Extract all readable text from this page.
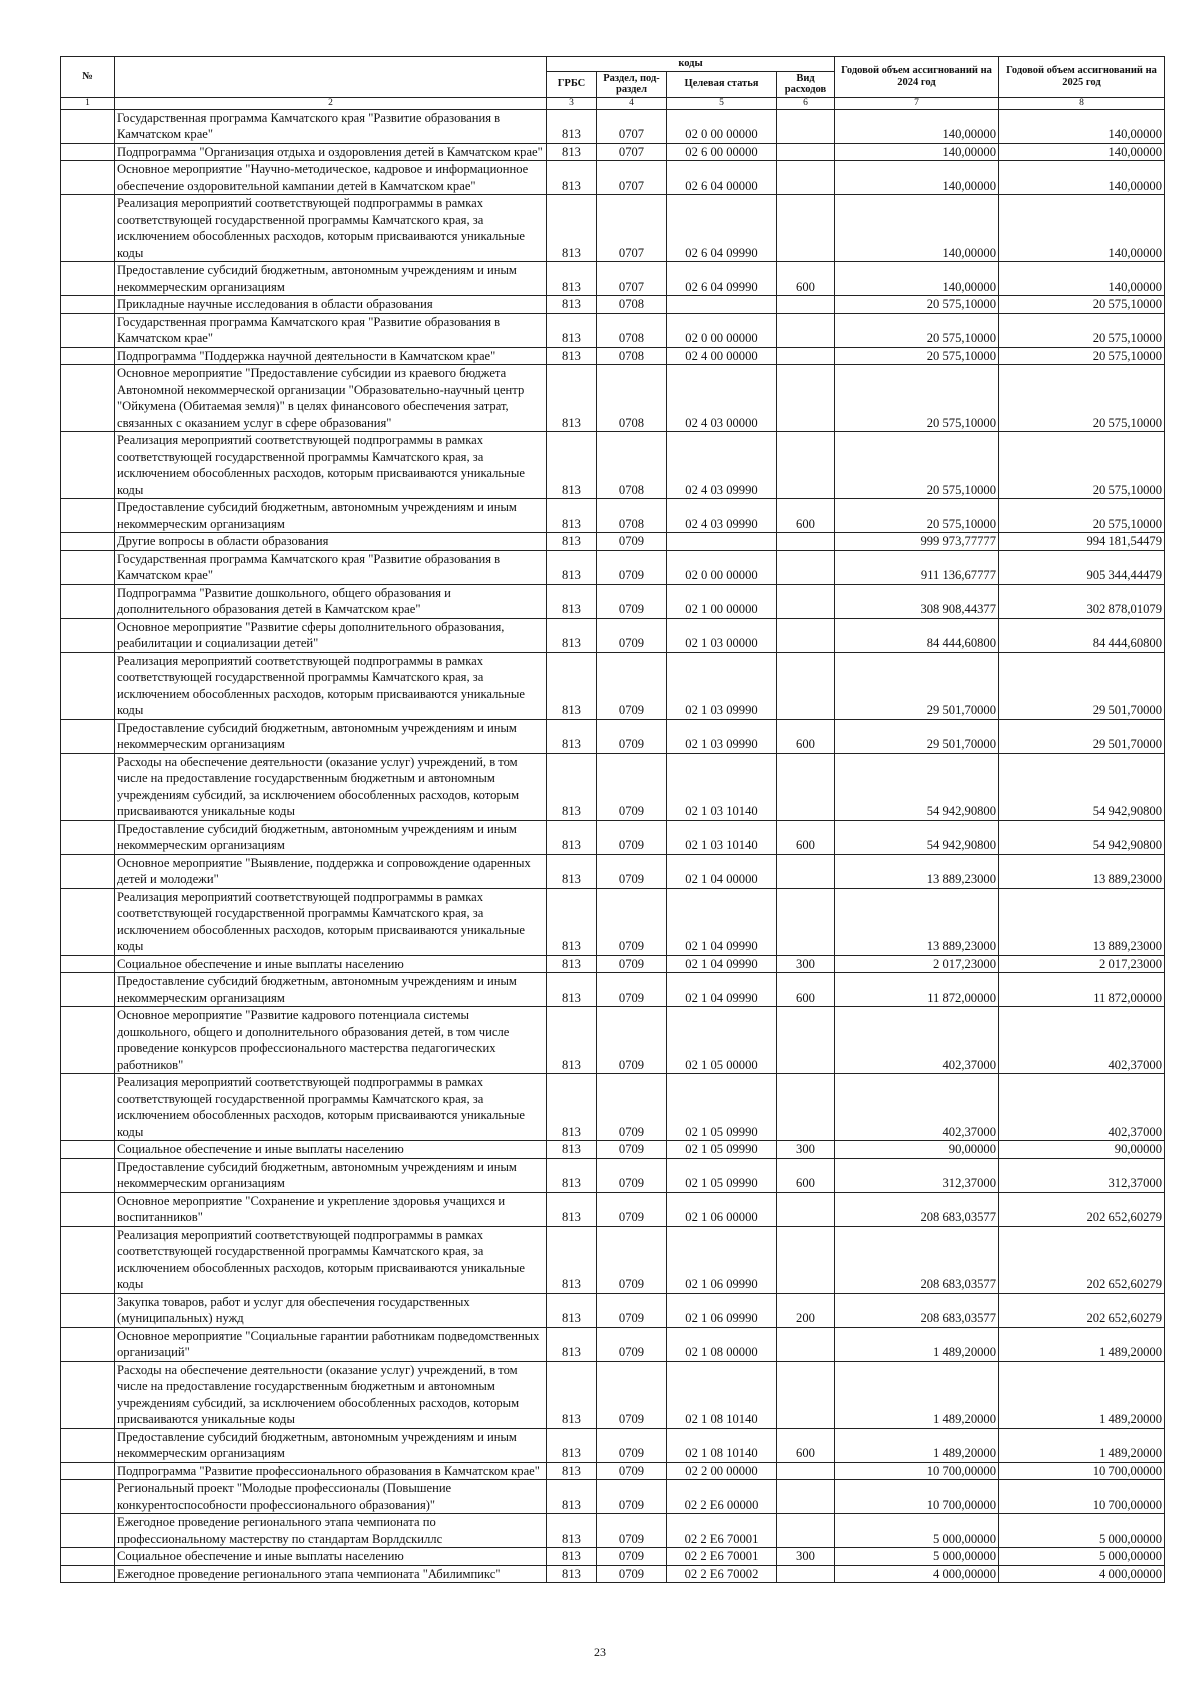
№		коды				Годовой объем ассигнований на 2024 год	Годовой объем ассигнований на 2025 год
		ГРБС	Раздел, под-раздел	Целевая статья	Вид расходов		
1	2	3	4	5	6	7	8
	Государственная программа Камчатского края "Развитие образования в Камчатском крае"	813	0707	02 0 00 00000		140,00000	140,00000
	Подпрограмма "Организация отдыха и оздоровления детей в Камчатском крае"	813	0707	02 6 00 00000		140,00000	140,00000
	Основное мероприятие "Научно-методическое, кадровое и информационное обеспечение оздоровительной кампании детей в Камчатском крае"	813	0707	02 6 04 00000		140,00000	140,00000
	Реализация мероприятий соответствующей подпрограммы в рамках соответствующей государственной программы Камчатского края, за исключением обособленных расходов, которым присваиваются уникальные коды	813	0707	02 6 04 09990		140,00000	140,00000
	Предоставление субсидий бюджетным, автономным учреждениям и иным некоммерческим организациям	813	0707	02 6 04 09990	600	140,00000	140,00000
	Прикладные научные исследования в области образования	813	0708			20 575,10000	20 575,10000
	Государственная программа Камчатского края "Развитие образования в Камчатском крае"	813	0708	02 0 00 00000		20 575,10000	20 575,10000
	Подпрограмма "Поддержка научной деятельности в Камчатском крае"	813	0708	02 4 00 00000		20 575,10000	20 575,10000
	Основное мероприятие "Предоставление субсидии из краевого бюджета Автономной некоммерческой организации "Образовательно-научный центр "Ойкумена (Обитаемая земля)" в целях финансового обеспечения затрат, связанных с оказанием услуг в сфере образования"	813	0708	02 4 03 00000		20 575,10000	20 575,10000
	Реализация мероприятий соответствующей подпрограммы в рамках соответствующей государственной программы Камчатского края, за исключением обособленных расходов, которым присваиваются уникальные коды	813	0708	02 4 03 09990		20 575,10000	20 575,10000
	Предоставление субсидий бюджетным, автономным учреждениям и иным некоммерческим организациям	813	0708	02 4 03 09990	600	20 575,10000	20 575,10000
	Другие вопросы в области образования	813	0709			999 973,77777	994 181,54479
	Государственная программа Камчатского края "Развитие образования в Камчатском крае"	813	0709	02 0 00 00000		911 136,67777	905 344,44479
	Подпрограмма "Развитие дошкольного, общего образования и дополнительного образования детей в Камчатском крае"	813	0709	02 1 00 00000		308 908,44377	302 878,01079
	Основное мероприятие "Развитие сферы дополнительного образования, реабилитации и социализации детей"	813	0709	02 1 03 00000		84 444,60800	84 444,60800
	Реализация мероприятий соответствующей подпрограммы в рамках соответствующей государственной программы Камчатского края, за исключением обособленных расходов, которым присваиваются уникальные коды	813	0709	02 1 03 09990		29 501,70000	29 501,70000
	Предоставление субсидий бюджетным, автономным учреждениям и иным некоммерческим организациям	813	0709	02 1 03 09990	600	29 501,70000	29 501,70000
	Расходы на обеспечение деятельности (оказание услуг) учреждений, в том числе на предоставление государственным бюджетным и автономным учреждениям субсидий, за исключением обособленных расходов, которым присваиваются уникальные коды	813	0709	02 1 03 10140		54 942,90800	54 942,90800
	Предоставление субсидий бюджетным, автономным учреждениям и иным некоммерческим организациям	813	0709	02 1 03 10140	600	54 942,90800	54 942,90800
	Основное мероприятие "Выявление, поддержка и сопровождение одаренных детей и молодежи"	813	0709	02 1 04 00000		13 889,23000	13 889,23000
	Реализация мероприятий соответствующей подпрограммы в рамках соответствующей государственной программы Камчатского края, за исключением обособленных расходов, которым присваиваются уникальные коды	813	0709	02 1 04 09990		13 889,23000	13 889,23000
	Социальное обеспечение и иные выплаты населению	813	0709	02 1 04 09990	300	2 017,23000	2 017,23000
	Предоставление субсидий бюджетным, автономным учреждениям и иным некоммерческим организациям	813	0709	02 1 04 09990	600	11 872,00000	11 872,00000
	Основное мероприятие "Развитие кадрового потенциала системы дошкольного, общего и дополнительного образования детей, в том числе проведение конкурсов профессионального мастерства педагогических работников"	813	0709	02 1 05 00000		402,37000	402,37000
	Реализация мероприятий соответствующей подпрограммы в рамках соответствующей государственной программы Камчатского края, за исключением обособленных расходов, которым присваиваются уникальные коды	813	0709	02 1 05 09990		402,37000	402,37000
	Социальное обеспечение и иные выплаты населению	813	0709	02 1 05 09990	300	90,00000	90,00000
	Предоставление субсидий бюджетным, автономным учреждениям и иным некоммерческим организациям	813	0709	02 1 05 09990	600	312,37000	312,37000
	Основное мероприятие "Сохранение и укрепление здоровья учащихся и воспитанников"	813	0709	02 1 06 00000		208 683,03577	202 652,60279
	Реализация мероприятий соответствующей подпрограммы в рамках соответствующей государственной программы Камчатского края, за исключением обособленных расходов, которым присваиваются уникальные коды	813	0709	02 1 06 09990		208 683,03577	202 652,60279
	Закупка товаров, работ и услуг для обеспечения государственных (муниципальных) нужд	813	0709	02 1 06 09990	200	208 683,03577	202 652,60279
	Основное мероприятие "Социальные гарантии работникам подведомственных организаций"	813	0709	02 1 08 00000		1 489,20000	1 489,20000
	Расходы на обеспечение деятельности (оказание услуг) учреждений, в том числе на предоставление государственным бюджетным и автономным учреждениям субсидий, за исключением обособленных расходов, которым присваиваются уникальные коды	813	0709	02 1 08 10140		1 489,20000	1 489,20000
	Предоставление субсидий бюджетным, автономным учреждениям и иным некоммерческим организациям	813	0709	02 1 08 10140	600	1 489,20000	1 489,20000
	Подпрограмма "Развитие профессионального образования в Камчатском крае"	813	0709	02 2 00 00000		10 700,00000	10 700,00000
	Региональный проект "Молодые профессионалы (Повышение конкурентоспособности профессионального образования)"	813	0709	02 2 E6 00000		10 700,00000	10 700,00000
	Ежегодное проведение регионального этапа чемпионата по профессиональному мастерству по стандартам Ворлдскиллс	813	0709	02 2 E6 70001		5 000,00000	5 000,00000
	Социальное обеспечение и иные выплаты населению	813	0709	02 2 E6 70001	300	5 000,00000	5 000,00000
	Ежегодное проведение регионального этапа чемпионата "Абилимпикс"	813	0709	02 2 E6 70002		4 000,00000	4 000,00000
23
